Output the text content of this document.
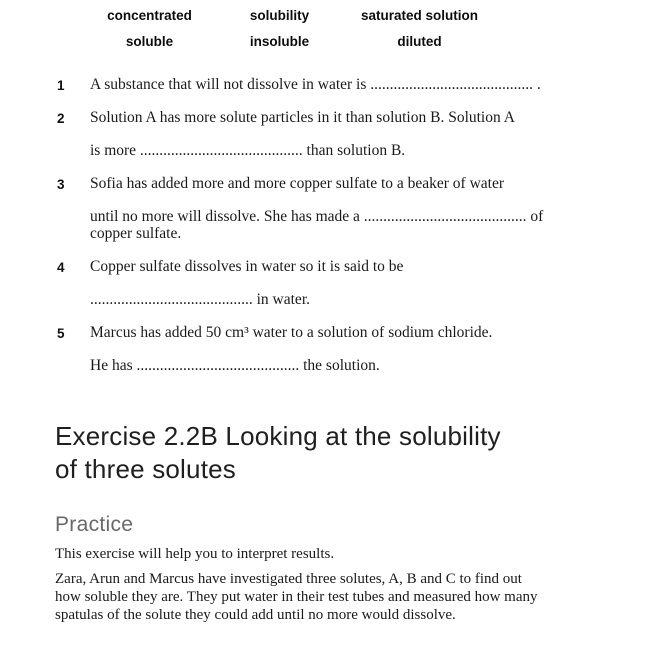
concentrated	solubility	saturated solution
soluble	insoluble	diluted
1	A substance that will not dissolve in water is .......................................... .
2	Solution A has more solute particles in it than solution B. Solution A
is more .......................................... than solution B.
3	Sofia has added more and more copper sulfate to a beaker of water
until no more will dissolve. She has made a .......................................... of
copper sulfate.
4	Copper sulfate dissolves in water so it is said to be
.......................................... in water.
5	Marcus has added 50 cm³ water to a solution of sodium chloride.
He has .......................................... the solution.
Exercise 2.2B Looking at the solubility
of three solutes
Practice
This exercise will help you to interpret results.
Zara, Arun and Marcus have investigated three solutes, A, B and C to find out how soluble they are. They put water in their test tubes and measured how many spatulas of the solute they could add until no more would dissolve.
